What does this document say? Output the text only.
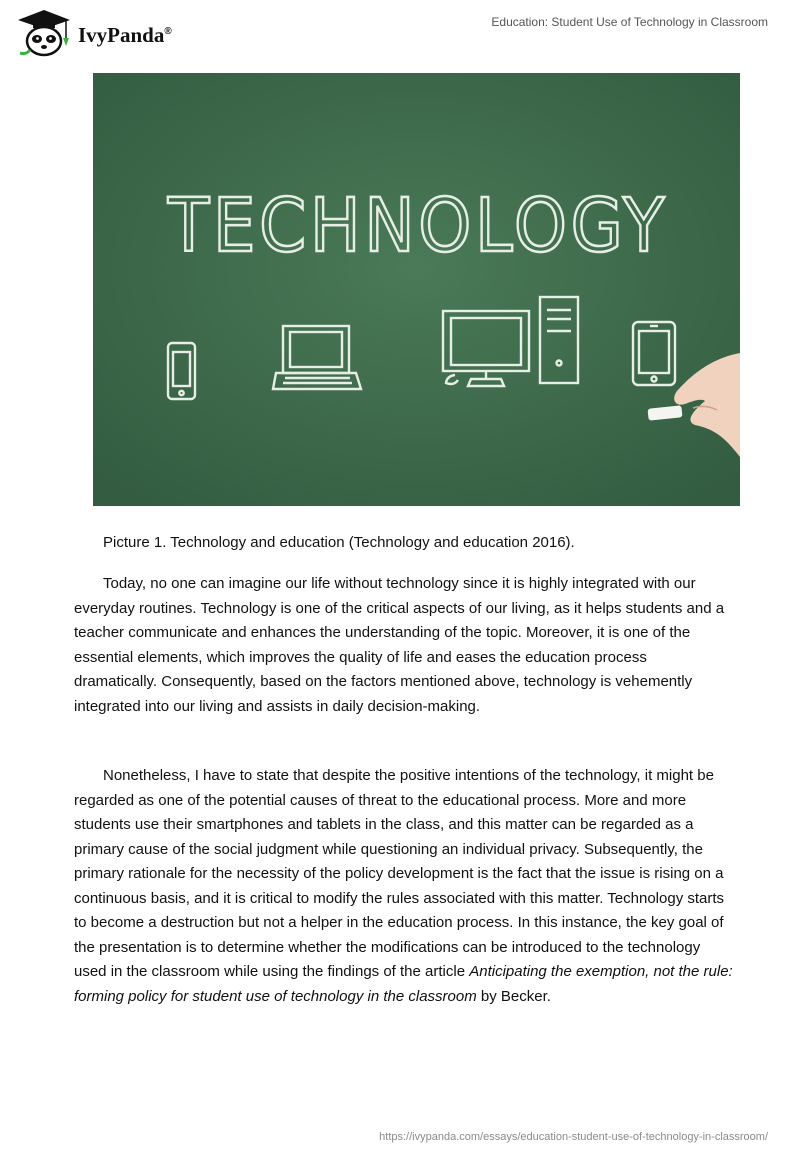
IvyPanda®
Education: Student Use of Technology in Classroom
TECHNOLOGY
Picture 1. Technology and education (Technology and education 2016).

Today, no one can imagine our life without technology since it is highly integrated with our everyday routines. Technology is one of the critical aspects of our living, as it helps students and a teacher communicate and enhances the understanding of the topic. Moreover, it is one of the essential elements, which improves the quality of life and eases the education process dramatically. Consequently, based on the factors mentioned above, technology is vehemently integrated into our living and assists in daily decision-making.

Nonetheless, I have to state that despite the positive intentions of the technology, it might be regarded as one of the potential causes of threat to the educational process. More and more students use their smartphones and tablets in the class, and this matter can be regarded as a primary cause of the social judgment while questioning an individual privacy. Subsequently, the primary rationale for the necessity of the policy development is the fact that the issue is rising on a continuous basis, and it is critical to modify the rules associated with this matter. Technology starts to become a destruction but not a helper in the education process. In this instance, the key goal of the presentation is to determine whether the modifications can be introduced to the technology used in the classroom while using the findings of the article Anticipating the exemption, not the rule: forming policy for student use of technology in the classroom by Becker.

https://ivypanda.com/essays/education-student-use-of-technology-in-classroom/
